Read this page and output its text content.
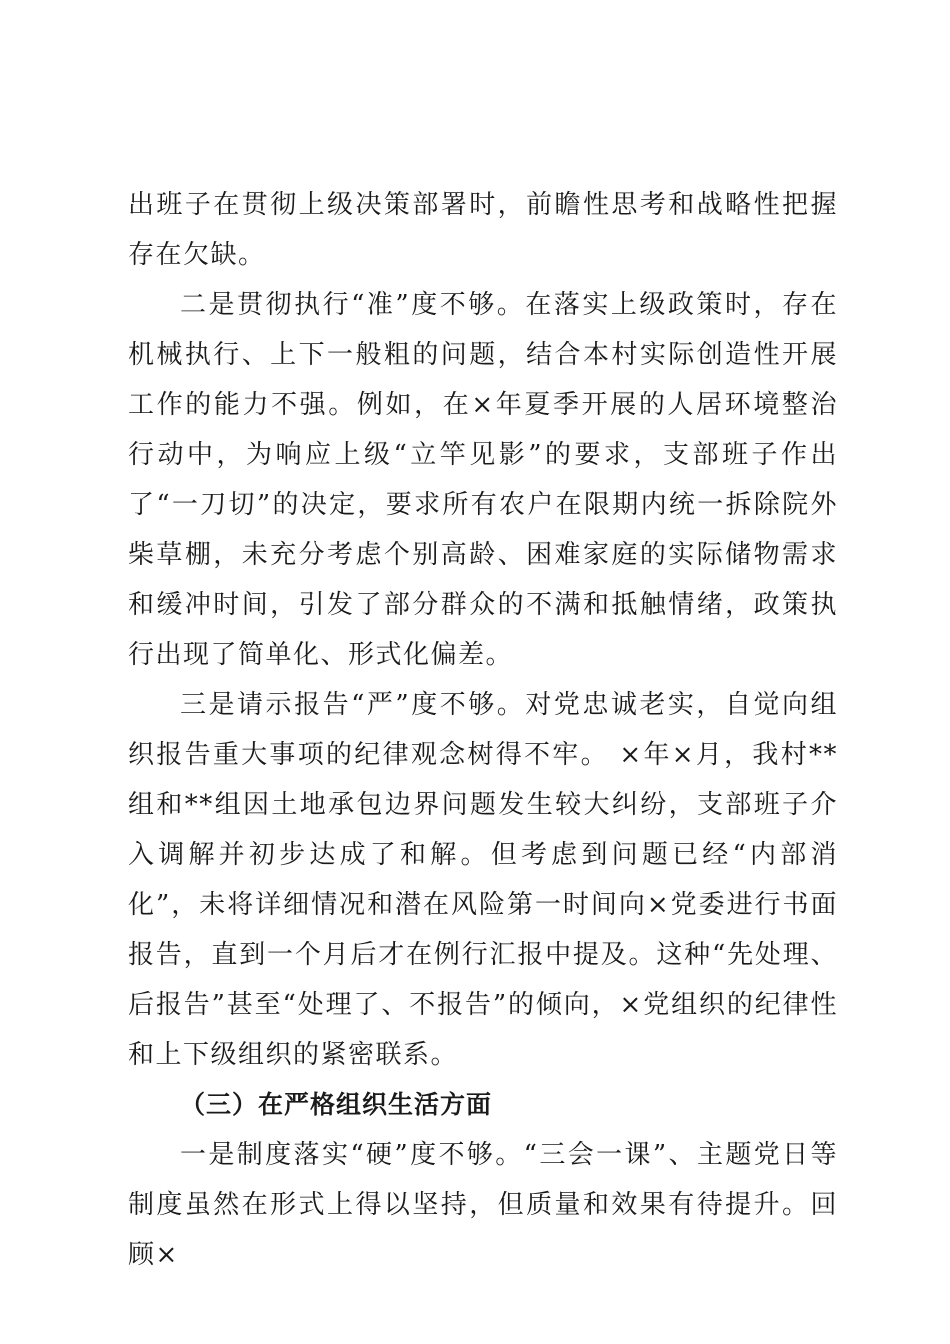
出班子在贯彻上级决策部署时，前瞻性思考和战略性把握存在欠缺。

二是贯彻执行“准”度不够。在落实上级政策时，存在机械执行、上下一般粗的问题，结合本村实际创造性开展工作的能力不强。例如，在×年夏季开展的人居环境整治行动中，为响应上级“立竿见影”的要求，支部班子作出了“一刀切”的决定，要求所有农户在限期内统一拆除院外柴草棚，未充分考虑个别高龄、困难家庭的实际储物需求和缓冲时间，引发了部分群众的不满和抵触情绪，政策执行出现了简单化、形式化偏差。

三是请示报告“严”度不够。对党忠诚老实，自觉向组织报告重大事项的纪律观念树得不牢。 ×年×月，我村**组和**组因土地承包边界问题发生较大纠纷，支部班子介入调解并初步达成了和解。但考虑到问题已经“内部消化”，未将详细情况和潜在风险第一时间向×党委进行书面报告，直到一个月后才在例行汇报中提及。这种“先处理、后报告”甚至“处理了、不报告”的倾向，×党组织的纪律性和上下级组织的紧密联系。

（三）在严格组织生活方面

一是制度落实“硬”度不够。“三会一课”、主题党日等制度虽然在形式上得以坚持，但质量和效果有待提升。回顾×
